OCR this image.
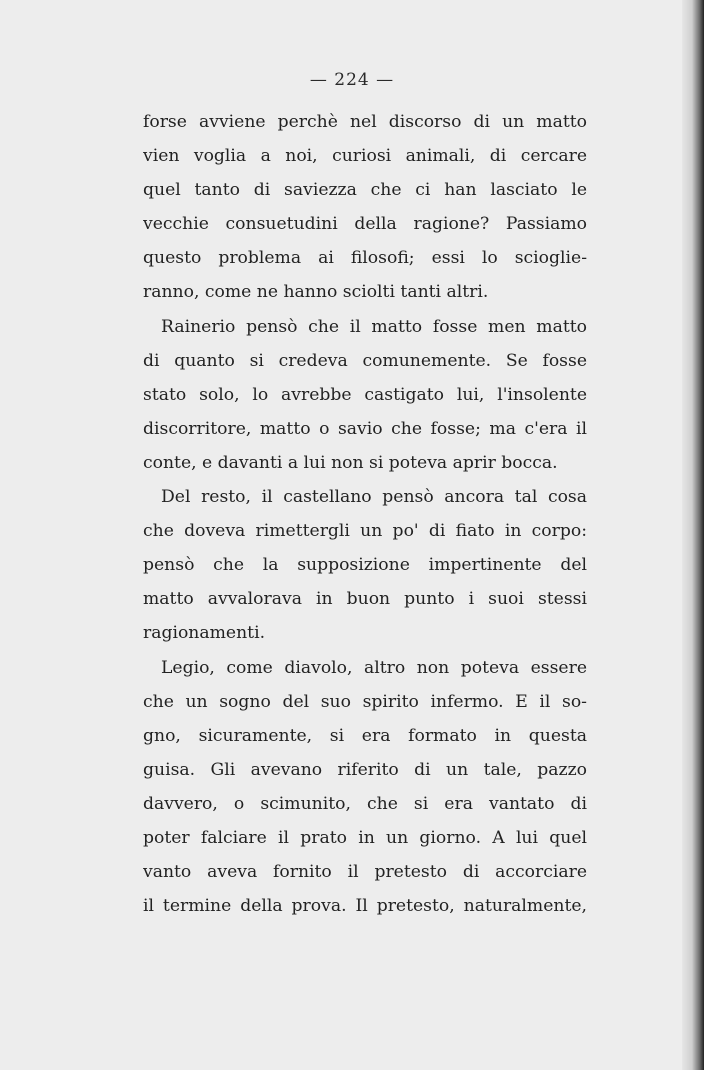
— 224 —
forse avviene perchè nel discorso di un matto
vien voglia a noi, curiosi animali, di cercare
quel tanto di saviezza che ci han lasciato le
vecchie consuetudini della ragione? Passiamo
questo problema ai filosofi; essi lo scioglie-
ranno, come ne hanno sciolti tanti altri.
Rainerio pensò che il matto fosse men matto
di quanto si credeva comunemente. Se fosse
stato solo, lo avrebbe castigato lui, l'insolente
discorritore, matto o savio che fosse; ma c'era il
conte, e davanti a lui non si poteva aprir bocca.
Del resto, il castellano pensò ancora tal cosa
che doveva rimettergli un po' di fiato in corpo:
pensò che la supposizione impertinente del
matto avvalorava in buon punto i suoi stessi
ragionamenti.
Legio, come diavolo, altro non poteva essere
che un sogno del suo spirito infermo. E il so-
gno, sicuramente, si era formato in questa
guisa. Gli avevano riferito di un tale, pazzo
davvero, o scimunito, che si era vantato di
poter falciare il prato in un giorno. A lui quel
vanto aveva fornito il pretesto di accorciare
il termine della prova. Il pretesto, naturalmente,
